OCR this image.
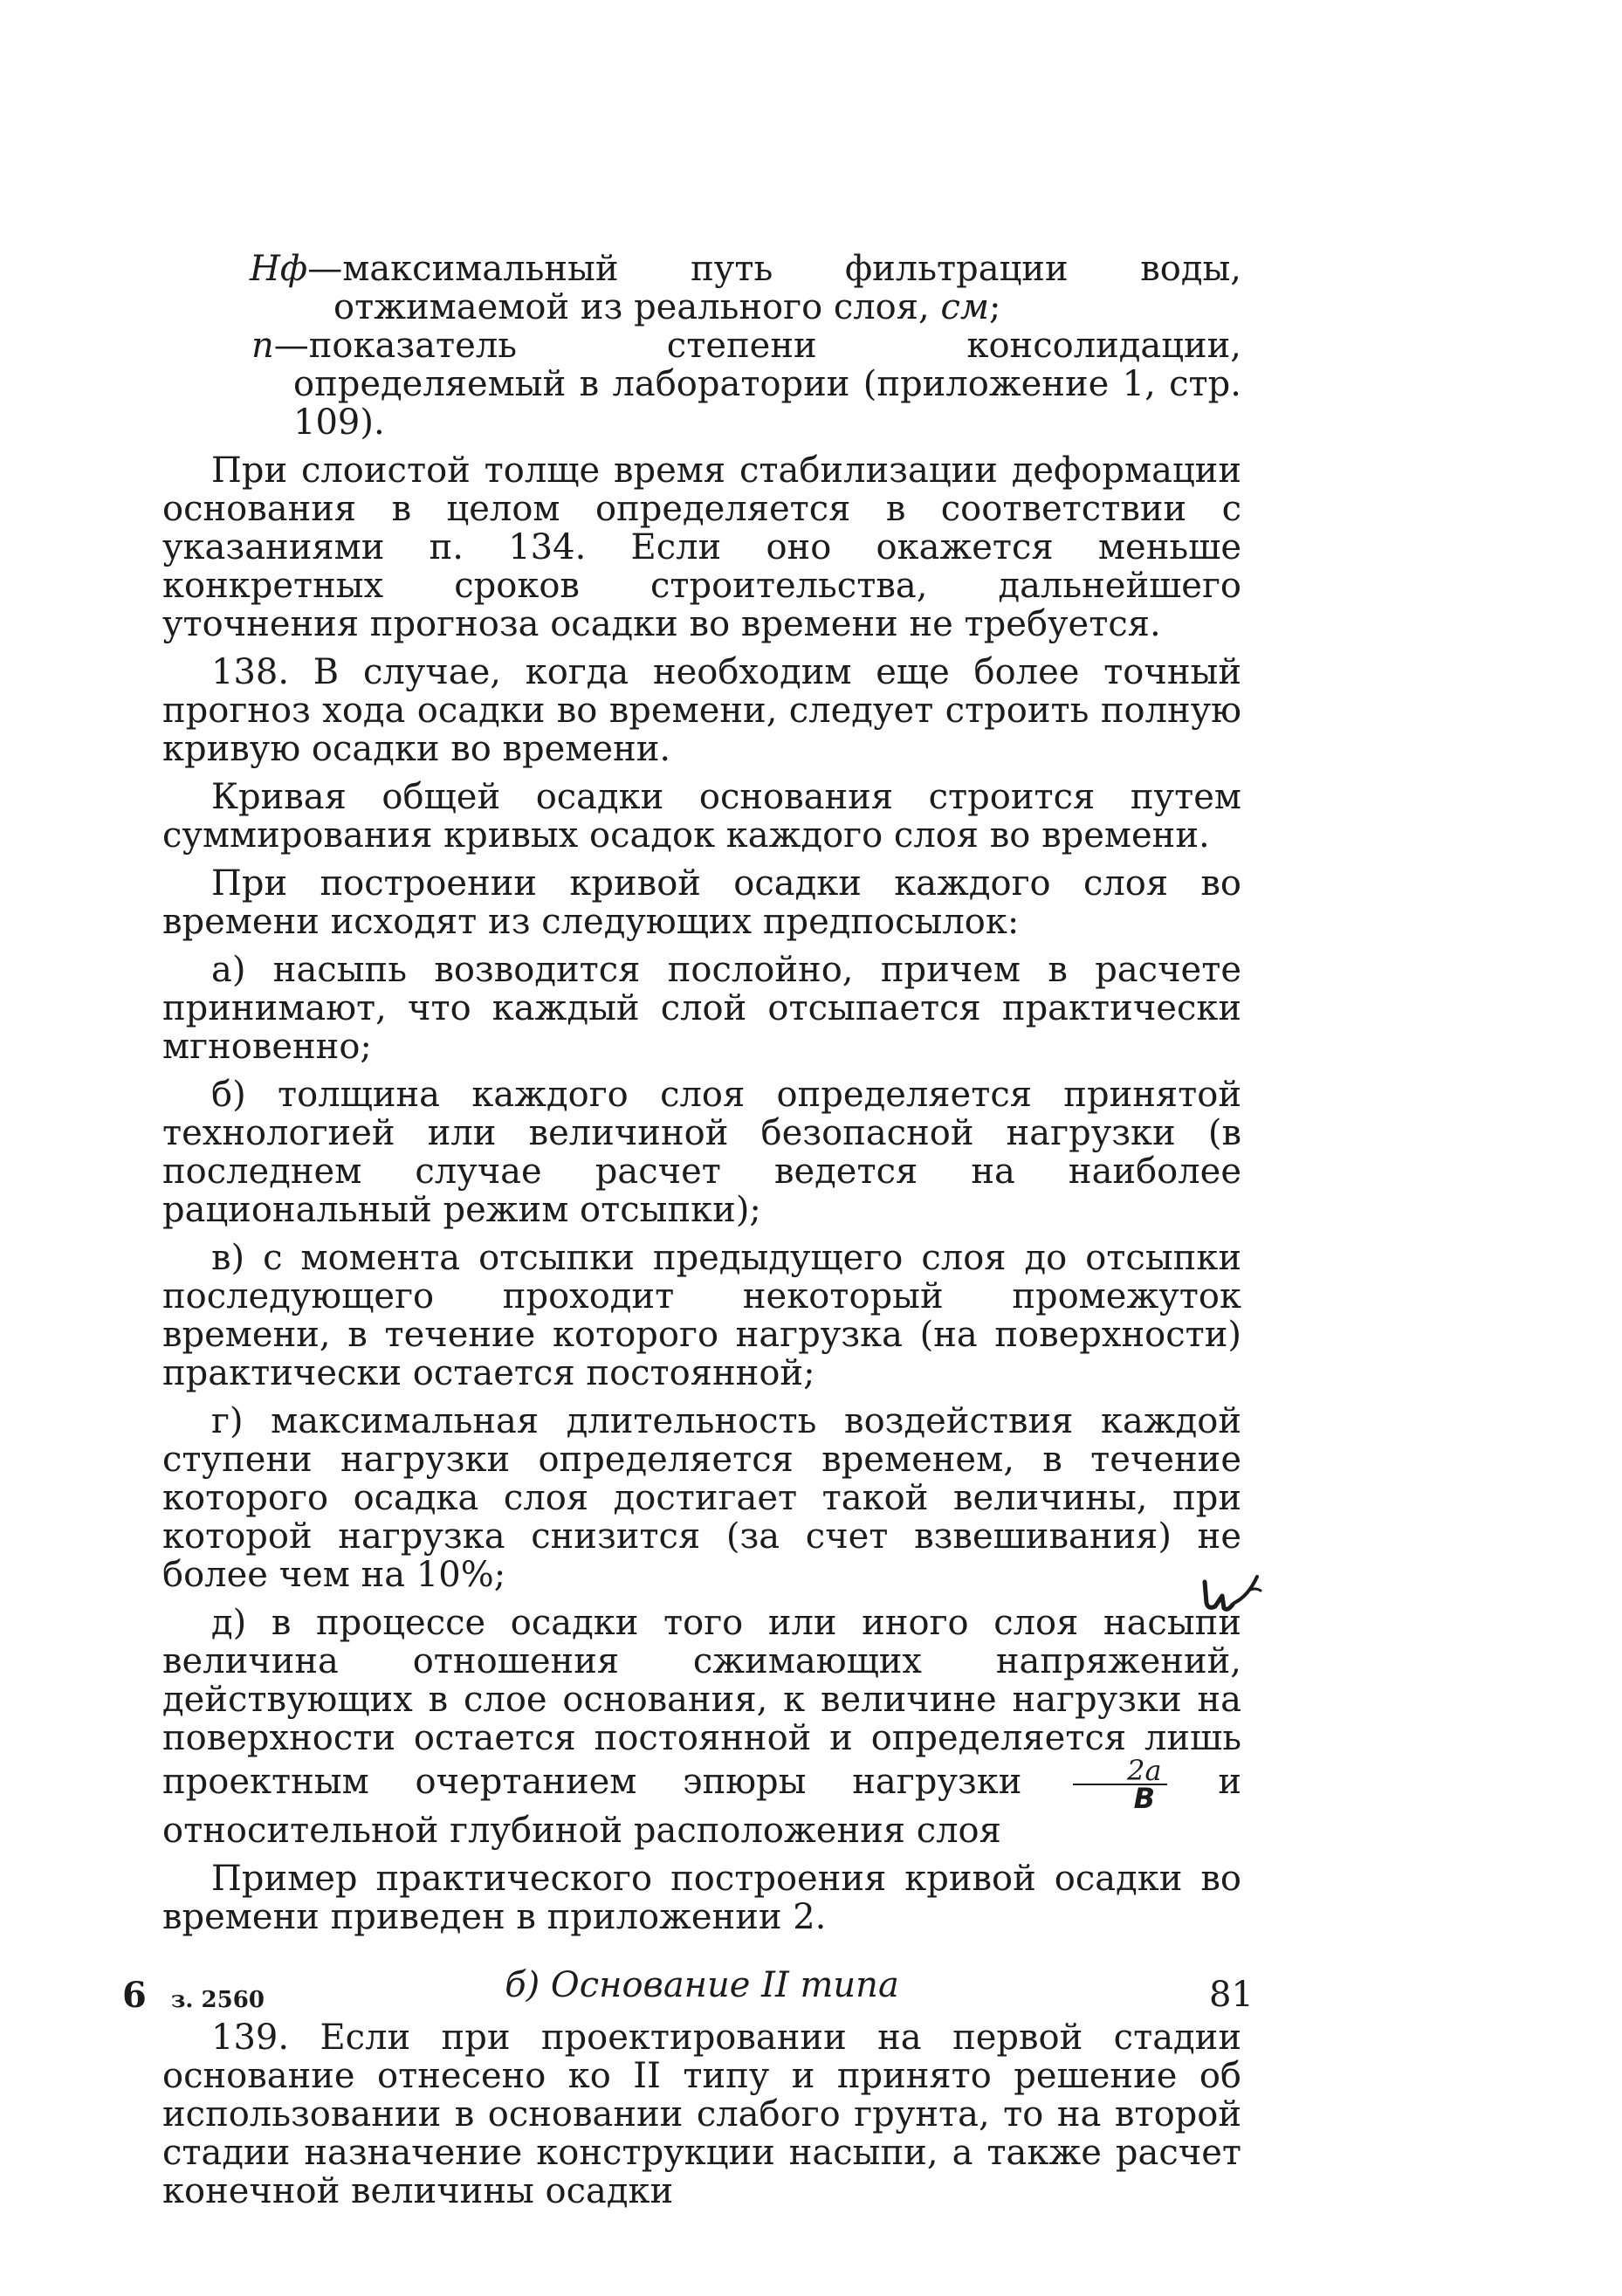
Hф—максимальный путь фильтрации воды, отжимаемой из реального слоя, см;

n—показатель степени консолидации, определяемый в лаборатории (приложение 1, стр. 109).

При слоистой толще время стабилизации деформации основания в целом определяется в соответствии с указаниями п. 134. Если оно окажется меньше конкретных сроков строительства, дальнейшего уточнения прогноза осадки во времени не требуется.

138. В случае, когда необходим еще более точный прогноз хода осадки во времени, следует строить полную кривую осадки во времени.

Кривая общей осадки основания строится путем суммирования кривых осадок каждого слоя во времени.

При построении кривой осадки каждого слоя во времени исходят из следующих предпосылок:

а) насыпь возводится послойно, причем в расчете принимают, что каждый слой отсыпается практически мгновенно;

б) толщина каждого слоя определяется принятой технологией или величиной безопасной нагрузки (в последнем случае расчет ведется на наиболее рациональный режим отсыпки);

в) с момента отсыпки предыдущего слоя до отсыпки последующего проходит некоторый промежуток времени, в течение которого нагрузка (на поверхности) практически остается постоянной;

г) максимальная длительность воздействия каждой ступени нагрузки определяется временем, в течение которого осадка слоя достигает такой величины, при которой нагрузка снизится (за счет взвешивания) не более чем на 10%;

д) в процессе осадки того или иного слоя насыпи величина отношения сжимающих напряжений, действующих в слое основания, к величине нагрузки на поверхности остается постоянной и определяется лишь проектным очертанием эпюры нагрузки $\frac{2a}{B}$ и относительной глубиной расположения слоя

Пример практического построения кривой осадки во времени приведен в приложении 2.

б) Основание II типа

139. Если при проектировании на первой стадии основание отнесено ко II типу и принято решение об использовании в основании слабого грунта, то на второй стадии назначение конструкции насыпи, а также расчет конечной величины осадки

6 з. 2560	81
